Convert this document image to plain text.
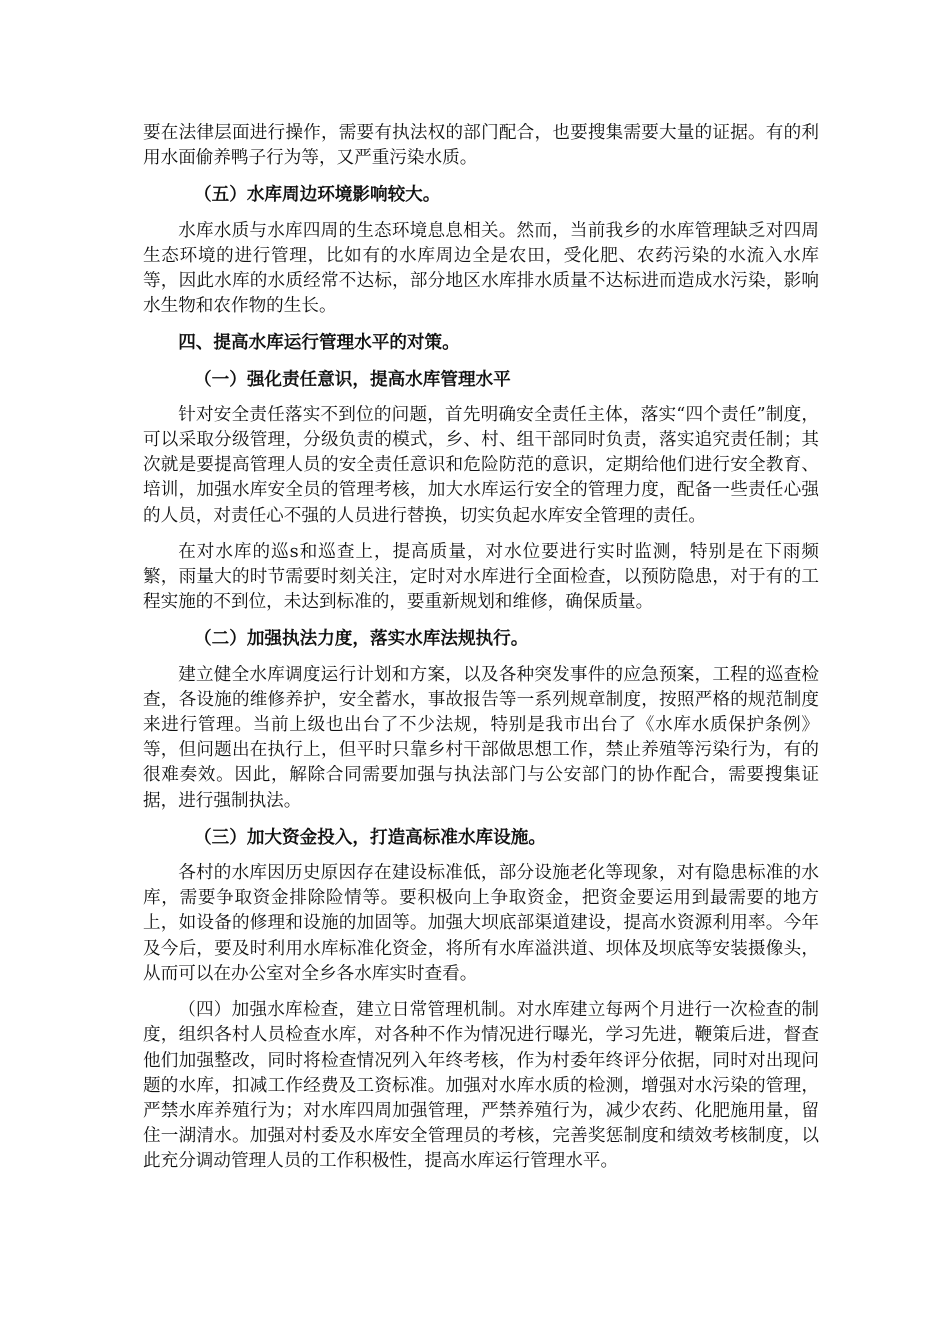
要在法律层面进行操作，需要有执法权的部门配合，也要搜集需要大量的证据。有的利用水面偷养鸭子行为等，又严重污染水质。

（五）水库周边环境影响较大。

水库水质与水库四周的生态环境息息相关。然而，当前我乡的水库管理缺乏对四周生态环境的进行管理，比如有的水库周边全是农田，受化肥、农药污染的水流入水库等，因此水库的水质经常不达标，部分地区水库排水质量不达标进而造成水污染，影响水生物和农作物的生长。

四、提高水库运行管理水平的对策。
（一）强化责任意识，提高水库管理水平

针对安全责任落实不到位的问题，首先明确安全责任主体，落实“四个责任”制度，可以采取分级管理，分级负责的模式，乡、村、组干部同时负责，落实追究责任制；其次就是要提高管理人员的安全责任意识和危险防范的意识，定期给他们进行安全教育、培训，加强水库安全员的管理考核，加大水库运行安全的管理力度，配备一些责任心强的人员，对责任心不强的人员进行替换，切实负起水库安全管理的责任。

在对水库的巡s和巡查上，提高质量，对水位要进行实时监测，特别是在下雨频繁，雨量大的时节需要时刻关注，定时对水库进行全面检查，以预防隐患，对于有的工程实施的不到位，未达到标准的，要重新规划和维修，确保质量。

（二）加强执法力度，落实水库法规执行。

建立健全水库调度运行计划和方案，以及各种突发事件的应急预案，工程的巡查检查，各设施的维修养护，安全蓄水，事故报告等一系列规章制度，按照严格的规范制度来进行管理。当前上级也出台了不少法规，特别是我市出台了《水库水质保护条例》等，但问题出在执行上，但平时只靠乡村干部做思想工作，禁止养殖等污染行为，有的很难奏效。因此，解除合同需要加强与执法部门与公安部门的协作配合，需要搜集证据，进行强制执法。

（三）加大资金投入，打造高标准水库设施。

各村的水库因历史原因存在建设标准低，部分设施老化等现象，对有隐患标准的水库，需要争取资金排除险情等。要积极向上争取资金，把资金要运用到最需要的地方上，如设备的修理和设施的加固等。加强大坝底部渠道建设，提高水资源利用率。今年及今后，要及时利用水库标准化资金，将所有水库溢洪道、坝体及坝底等安装摄像头，从而可以在办公室对全乡各水库实时查看。

（四）加强水库检查，建立日常管理机制。对水库建立每两个月进行一次检查的制度，组织各村人员检查水库，对各种不作为情况进行曝光，学习先进，鞭策后进，督查他们加强整改，同时将检查情况列入年终考核，作为村委年终评分依据，同时对出现问题的水库，扣减工作经费及工资标准。加强对水库水质的检测，增强对水污染的管理，严禁水库养殖行为；对水库四周加强管理，严禁养殖行为，减少农药、化肥施用量，留住一湖清水。加强对村委及水库安全管理员的考核，完善奖惩制度和绩效考核制度，以此充分调动管理人员的工作积极性，提高水库运行管理水平。
